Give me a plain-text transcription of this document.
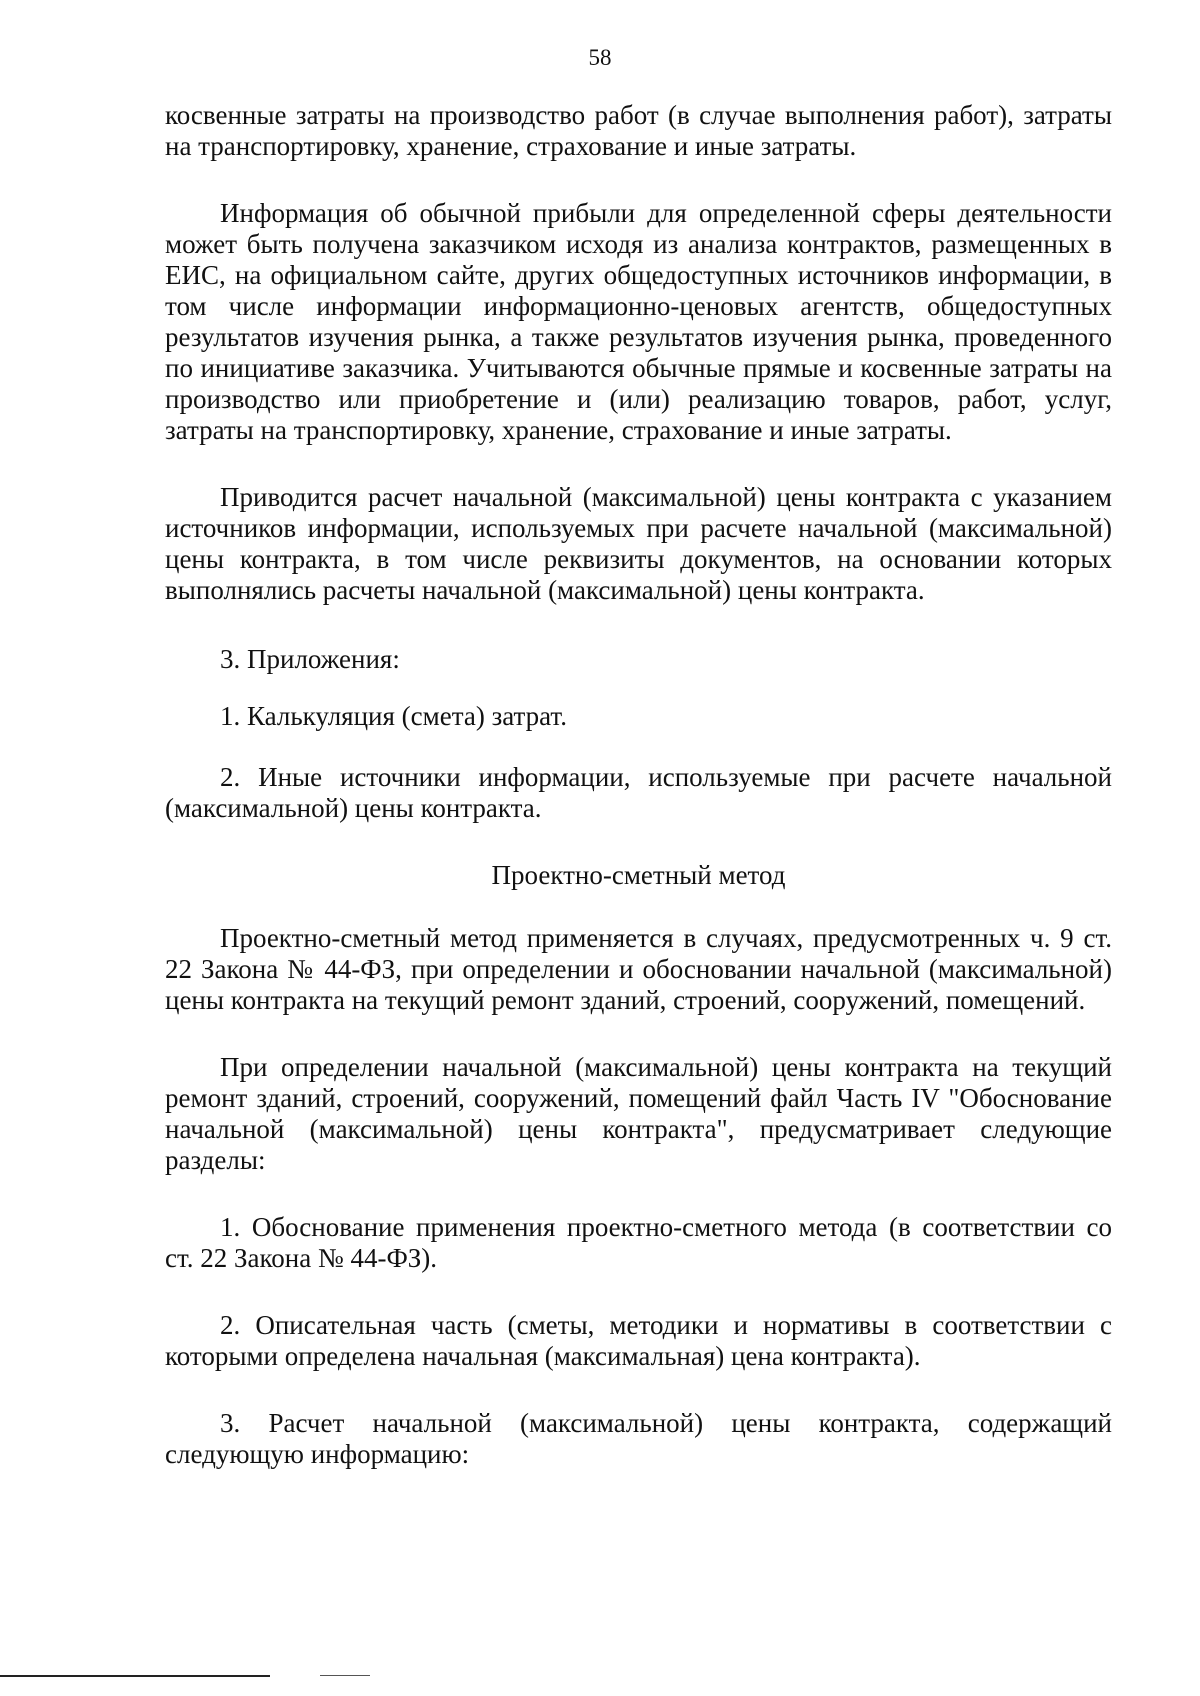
58

косвенные затраты на производство работ (в случае выполнения работ), затраты на транспортировку, хранение, страхование и иные затраты.

Информация об обычной прибыли для определенной сферы деятельности может быть получена заказчиком исходя из анализа контрактов, размещенных в ЕИС, на официальном сайте, других общедоступных источников информации, в том числе информации информационно-ценовых агентств, общедоступных результатов изучения рынка, а также результатов изучения рынка, проведенного по инициативе заказчика. Учитываются обычные прямые и косвенные затраты на производство или приобретение и (или) реализацию товаров, работ, услуг, затраты на транспортировку, хранение, страхование и иные затраты.

Приводится расчет начальной (максимальной) цены контракта с указанием источников информации, используемых при расчете начальной (максимальной) цены контракта, в том числе реквизиты документов, на основании которых выполнялись расчеты начальной (максимальной) цены контракта.

3. Приложения:

1. Калькуляция (смета) затрат.

2. Иные источники информации, используемые при расчете начальной (максимальной) цены контракта.

Проектно-сметный метод

Проектно-сметный метод применяется в случаях, предусмотренных ч. 9 ст. 22 Закона № 44-ФЗ, при определении и обосновании начальной (максимальной) цены контракта на текущий ремонт зданий, строений, сооружений, помещений.

При определении начальной (максимальной) цены контракта на текущий ремонт зданий, строений, сооружений, помещений файл Часть IV "Обоснование начальной (максимальной) цены контракта", предусматривает следующие разделы:

1. Обоснование применения проектно-сметного метода (в соответствии со ст. 22 Закона № 44-ФЗ).

2. Описательная часть (сметы, методики и нормативы в соответствии с которыми определена начальная (максимальная) цена контракта).

3. Расчет начальной (максимальной) цены контракта, содержащий следующую информацию:
